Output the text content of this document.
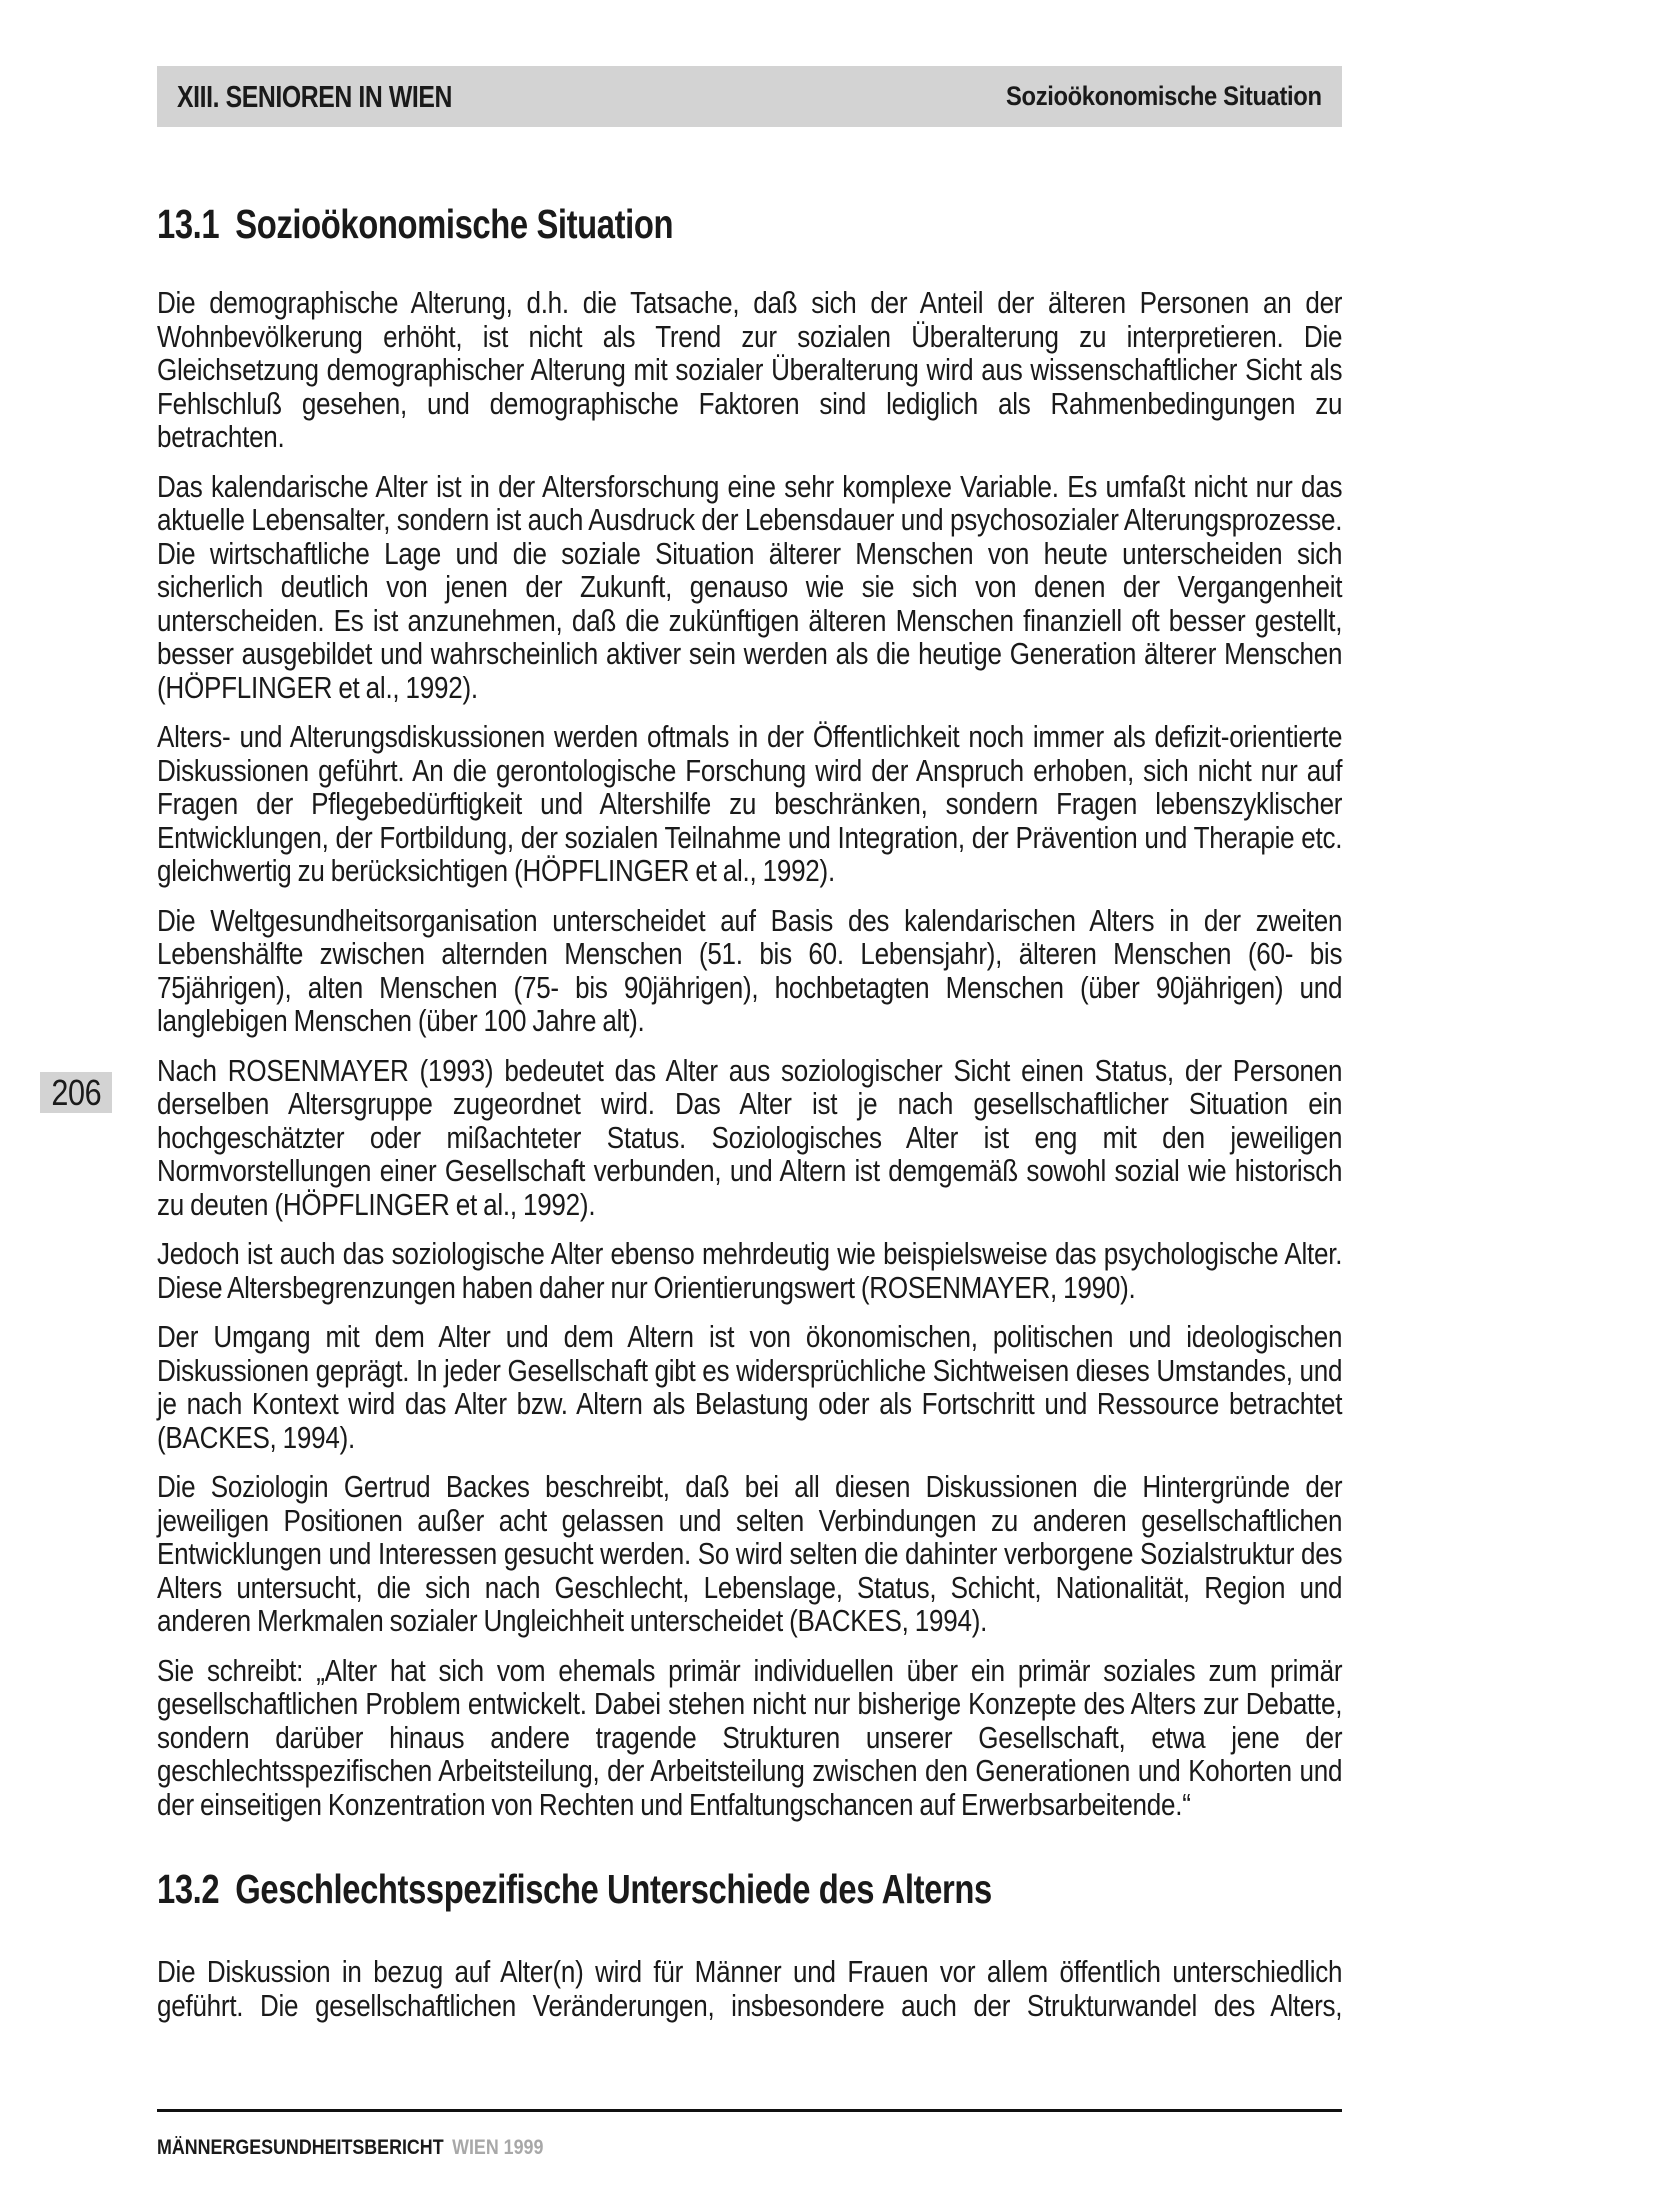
XIII. SENIOREN IN WIEN	Sozioökonomische Situation
206
13.1 Sozioökonomische Situation

Die demographische Alterung, d.h. die Tatsache, daß sich der Anteil der älteren Personen an der Wohnbevölkerung erhöht, ist nicht als Trend zur sozialen Überalterung zu interpretieren. Die Gleichsetzung demographischer Alterung mit sozialer Überalterung wird aus wissenschaftlicher Sicht als Fehlschluß gesehen, und demographische Faktoren sind lediglich als Rahmenbedingungen zu betrachten.

Das kalendarische Alter ist in der Altersforschung eine sehr komplexe Variable. Es umfaßt nicht nur das aktuelle Lebensalter, sondern ist auch Ausdruck der Lebensdauer und psychosozialer Alterungsprozesse. Die wirtschaftliche Lage und die soziale Situation älterer Menschen von heute unterscheiden sich sicherlich deutlich von jenen der Zukunft, genauso wie sie sich von denen der Vergangenheit unterscheiden. Es ist anzunehmen, daß die zukünftigen älteren Menschen finanziell oft besser gestellt, besser ausgebildet und wahrscheinlich aktiver sein werden als die heutige Generation älterer Menschen (HÖPFLINGER et al., 1992).

Alters- und Alterungsdiskussionen werden oftmals in der Öffentlichkeit noch immer als defizit-orientierte Diskussionen geführt. An die gerontologische Forschung wird der Anspruch erhoben, sich nicht nur auf Fragen der Pflegebedürftigkeit und Altershilfe zu beschränken, sondern Fragen lebenszyklischer Entwicklungen, der Fortbildung, der sozialen Teilnahme und Integration, der Prävention und Therapie etc. gleichwertig zu berücksichtigen (HÖPFLINGER et al., 1992).

Die Weltgesundheitsorganisation unterscheidet auf Basis des kalendarischen Alters in der zweiten Lebenshälfte zwischen alternden Menschen (51. bis 60. Lebensjahr), älteren Menschen (60- bis 75jährigen), alten Menschen (75- bis 90jährigen), hochbetagten Menschen (über 90jährigen) und langlebigen Menschen (über 100 Jahre alt).

Nach ROSENMAYER (1993) bedeutet das Alter aus soziologischer Sicht einen Status, der Personen derselben Altersgruppe zugeordnet wird. Das Alter ist je nach gesellschaftlicher Situation ein hochgeschätzter oder mißachteter Status. Soziologisches Alter ist eng mit den jeweiligen Normvorstellungen einer Gesellschaft verbunden, und Altern ist demgemäß sowohl sozial wie historisch zu deuten (HÖPFLINGER et al., 1992).

Jedoch ist auch das soziologische Alter ebenso mehrdeutig wie beispielsweise das psychologische Alter. Diese Altersbegrenzungen haben daher nur Orientierungswert (ROSENMAYER, 1990).

Der Umgang mit dem Alter und dem Altern ist von ökonomischen, politischen und ideologischen Diskussionen geprägt. In jeder Gesellschaft gibt es widersprüchliche Sichtweisen dieses Umstandes, und je nach Kontext wird das Alter bzw. Altern als Belastung oder als Fortschritt und Ressource betrachtet (BACKES, 1994).

Die Soziologin Gertrud Backes beschreibt, daß bei all diesen Diskussionen die Hintergründe der jeweiligen Positionen außer acht gelassen und selten Verbindungen zu anderen gesellschaftlichen Entwicklungen und Interessen gesucht werden. So wird selten die dahinter verborgene Sozialstruktur des Alters untersucht, die sich nach Geschlecht, Lebenslage, Status, Schicht, Nationalität, Region und anderen Merkmalen sozialer Ungleichheit unterscheidet (BACKES, 1994).

Sie schreibt: „Alter hat sich vom ehemals primär individuellen über ein primär soziales zum primär gesellschaftlichen Problem entwickelt. Dabei stehen nicht nur bisherige Konzepte des Alters zur Debatte, sondern darüber hinaus andere tragende Strukturen unserer Gesellschaft, etwa jene der geschlechtsspezifischen Arbeitsteilung, der Arbeitsteilung zwischen den Generationen und Kohorten und der einseitigen Konzentration von Rechten und Entfaltungschancen auf Erwerbsarbeitende.“

13.2 Geschlechtsspezifische Unterschiede des Alterns

Die Diskussion in bezug auf Alter(n) wird für Männer und Frauen vor allem öffentlich unterschiedlich geführt. Die gesellschaftlichen Veränderungen, insbesondere auch der Strukturwandel des Alters,

MÄNNERGESUNDHEITSBERICHT WIEN 1999
